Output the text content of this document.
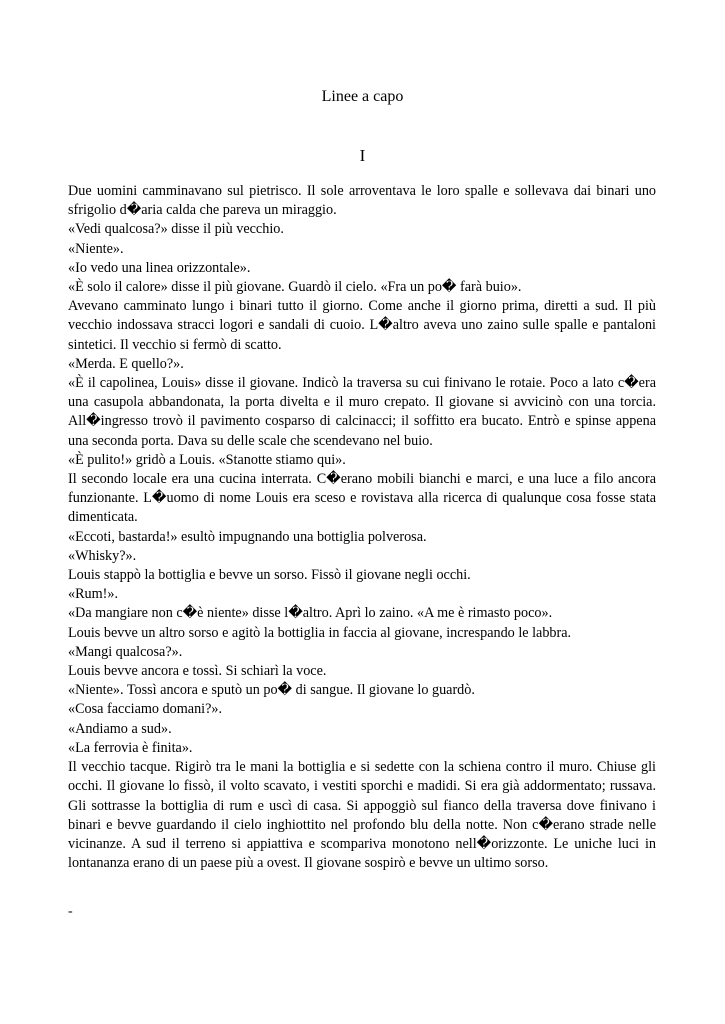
Linee a capo
I

Due uomini camminavano sul pietrisco. Il sole arroventava le loro spalle e sollevava dai binari uno sfrigolio d�aria calda che pareva un miraggio.

«Vedi qualcosa?» disse il più vecchio.

«Niente».

«Io vedo una linea orizzontale».

«È solo il calore» disse il più giovane. Guardò il cielo. «Fra un po� farà buio».

Avevano camminato lungo i binari tutto il giorno. Come anche il giorno prima, diretti a sud. Il più vecchio indossava stracci logori e sandali di cuoio. L�altro aveva uno zaino sulle spalle e pantaloni sintetici. Il vecchio si fermò di scatto.

«Merda. E quello?».

«È il capolinea, Louis» disse il giovane. Indicò la traversa su cui finivano le rotaie. Poco a lato c�era una casupola abbandonata, la porta divelta e il muro crepato. Il giovane si avvicinò con una torcia. All�ingresso trovò il pavimento cosparso di calcinacci; il soffitto era bucato. Entrò e spinse appena una seconda porta. Dava su delle scale che scendevano nel buio.

«È pulito!» gridò a Louis. «Stanotte stiamo qui».

Il secondo locale era una cucina interrata. C�erano mobili bianchi e marci, e una luce a filo ancora funzionante. L�uomo di nome Louis era sceso e rovistava alla ricerca di qualunque cosa fosse stata dimenticata.

«Eccoti, bastarda!» esultò impugnando una bottiglia polverosa.

«Whisky?».

Louis stappò la bottiglia e bevve un sorso. Fissò il giovane negli occhi.

«Rum!».

«Da mangiare non c�è niente» disse l�altro. Aprì lo zaino. «A me è rimasto poco».

Louis bevve un altro sorso e agitò la bottiglia in faccia al giovane, increspando le labbra.

«Mangi qualcosa?».

Louis bevve ancora e tossì. Si schiarì la voce.

«Niente». Tossì ancora e sputò un po� di sangue. Il giovane lo guardò.

«Cosa facciamo domani?».

«Andiamo a sud».

«La ferrovia è finita».

Il vecchio tacque. Rigirò tra le mani la bottiglia e si sedette con la schiena contro il muro. Chiuse gli occhi. Il giovane lo fissò, il volto scavato, i vestiti sporchi e madidi. Si era già addormentato; russava. Gli sottrasse la bottiglia di rum e uscì di casa. Si appoggiò sul fianco della traversa dove finivano i binari e bevve guardando il cielo inghiottito nel profondo blu della notte. Non c�erano strade nelle vicinanze. A sud il terreno si appiattiva e scompariva monotono nell�orizzonte. Le uniche luci in lontananza erano di un paese più a ovest. Il giovane sospirò e bevve un ultimo sorso.

-
